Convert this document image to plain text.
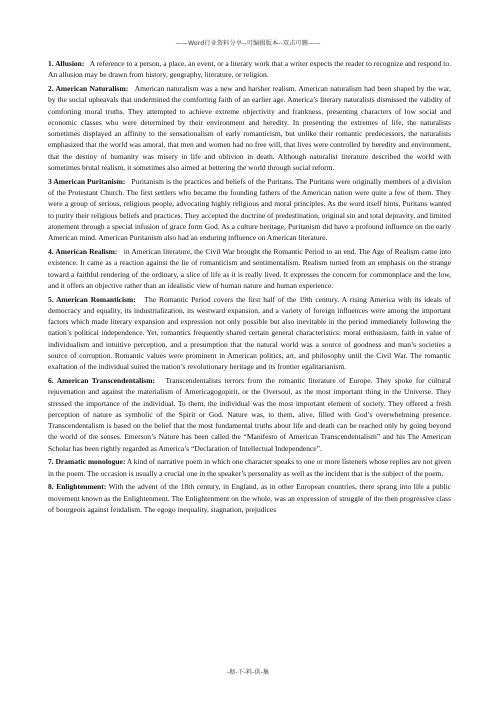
——Word行业资料分享--可编辑版本--双击可删——

1. Allusion: A reference to a person, a place, an event, or a literary work that a writer expects the reader to recognize and respond to. An allusion may be drawn from history, geography, literature, or religion.

2. American Naturalism: American naturalism was a new and harsher realism. American naturalism had been shaped by the war, by the social upheavals that undermined the comforting faith of an earlier age. America’s literary naturalists dismissed the validity of comforting moral truths. They attempted to achieve extreme objectivity and frankness, presenting characters of low social and economic classes who were determined by their environment and heredity. In presenting the extremes of life, the naturalists sometimes displayed an affinity to the sensationalism of early romanticism, but unlike their romantic predecessors, the naturalists emphasized that the world was amoral, that men and women had no free will, that lives were controlled by heredity and environment, that the destiny of humanity was misery in life and oblivion in death. Although naturalist literature described the world with sometimes brutal realism, it sometimes also aimed at bettering the world through social reform.

3 American Puritanism: Puritanism is the practices and beliefs of the Puritans. The Puritans were originally members of a division of the Protestant Church. The first settlers who became the founding fathers of the American nation were quite a few of them. They were a group of serious, religious people, advocating highly religious and moral principles. As the word itself hints, Puritans wanted to purity their religious beliefs and practices. They accepted the doctrine of predestination, original sin and total depravity, and limited atonement through a special infusion of grace form God. As a culture heritage, Puritanism did have a profound influence on the early American mind. American Puritanism also had an enduring influence on American literature.

4. American Realism: in American literature, the Civil War brought the Romantic Period to an end. The Age of Realism came into existence. It came as a reaction against the lie of romanticism and sentimentalism. Realism turned from an emphasis on the strange toward a faithful rendering of the ordinary, a slice of life as it is really lived. It expresses the concern for commonplace and the low, and it offers an objective rather than an idealistic view of human nature and human experience.

5. American Romanticism: The Romantic Period covers the first half of the 19th century. A rising America with its ideals of democracy and equality, its industrialization, its westward expansion, and a variety of foreign influences were among the important factors which made literary expansion and expression not only possible but also inevitable in the period immediately following the nation’s political independence. Yet, romantics frequently shared certain general characteristics: moral enthusiasm, faith in value of individualism and intuitive perception, and a presumption that the natural world was a source of goodness and man’s societies a source of corruption. Romantic values were prominent in American politics, art, and philosophy until the Civil War. The romantic exaltation of the individual suited the nation’s revolutionary heritage and its frontier egalitarianism.

6. American Transcendentalism: Transcendentalists terrors from the romantic literature of Europe. They spoke for cultural rejuvenation and against the materialism of Americagogopirit, or the Oversoul, as the most important thing in the Universe. They stressed the importance of the individual. To them, the individual was the most important element of society. They offered a fresh perception of nature as symbolic of the Spirit or God. Nature was, to them, alive, filled with God’s overwhelming presence. Transcendentalism is based on the belief that the most fundamental truths about life and death can be reached only by going beyond the world of the senses. Emerson’s Nature has been called the “Manifesto of American Transcendentalism” and his The American Scholar has been rightly regarded as America’s “Declaration of Intellectual Independence”.

7. Dramatic monologue: A kind of narrative poem in which one character speaks to one or more listeners whose replies are not given in the poem. The occasion is usually a crucial one in the speaker’s personality as well as the incident that is the subject of the poem.

8. Enlightenment: With the advent of the 18th century, in England, as in other European countries, there sprang into life a public movement known as the Enlightenment. The Enlightenment on the whole, was an expression of struggle of the then progressive class of bourgeois against feudalism. The egogo inequality, stagnation, prejudices

-据-下-料-供-集
